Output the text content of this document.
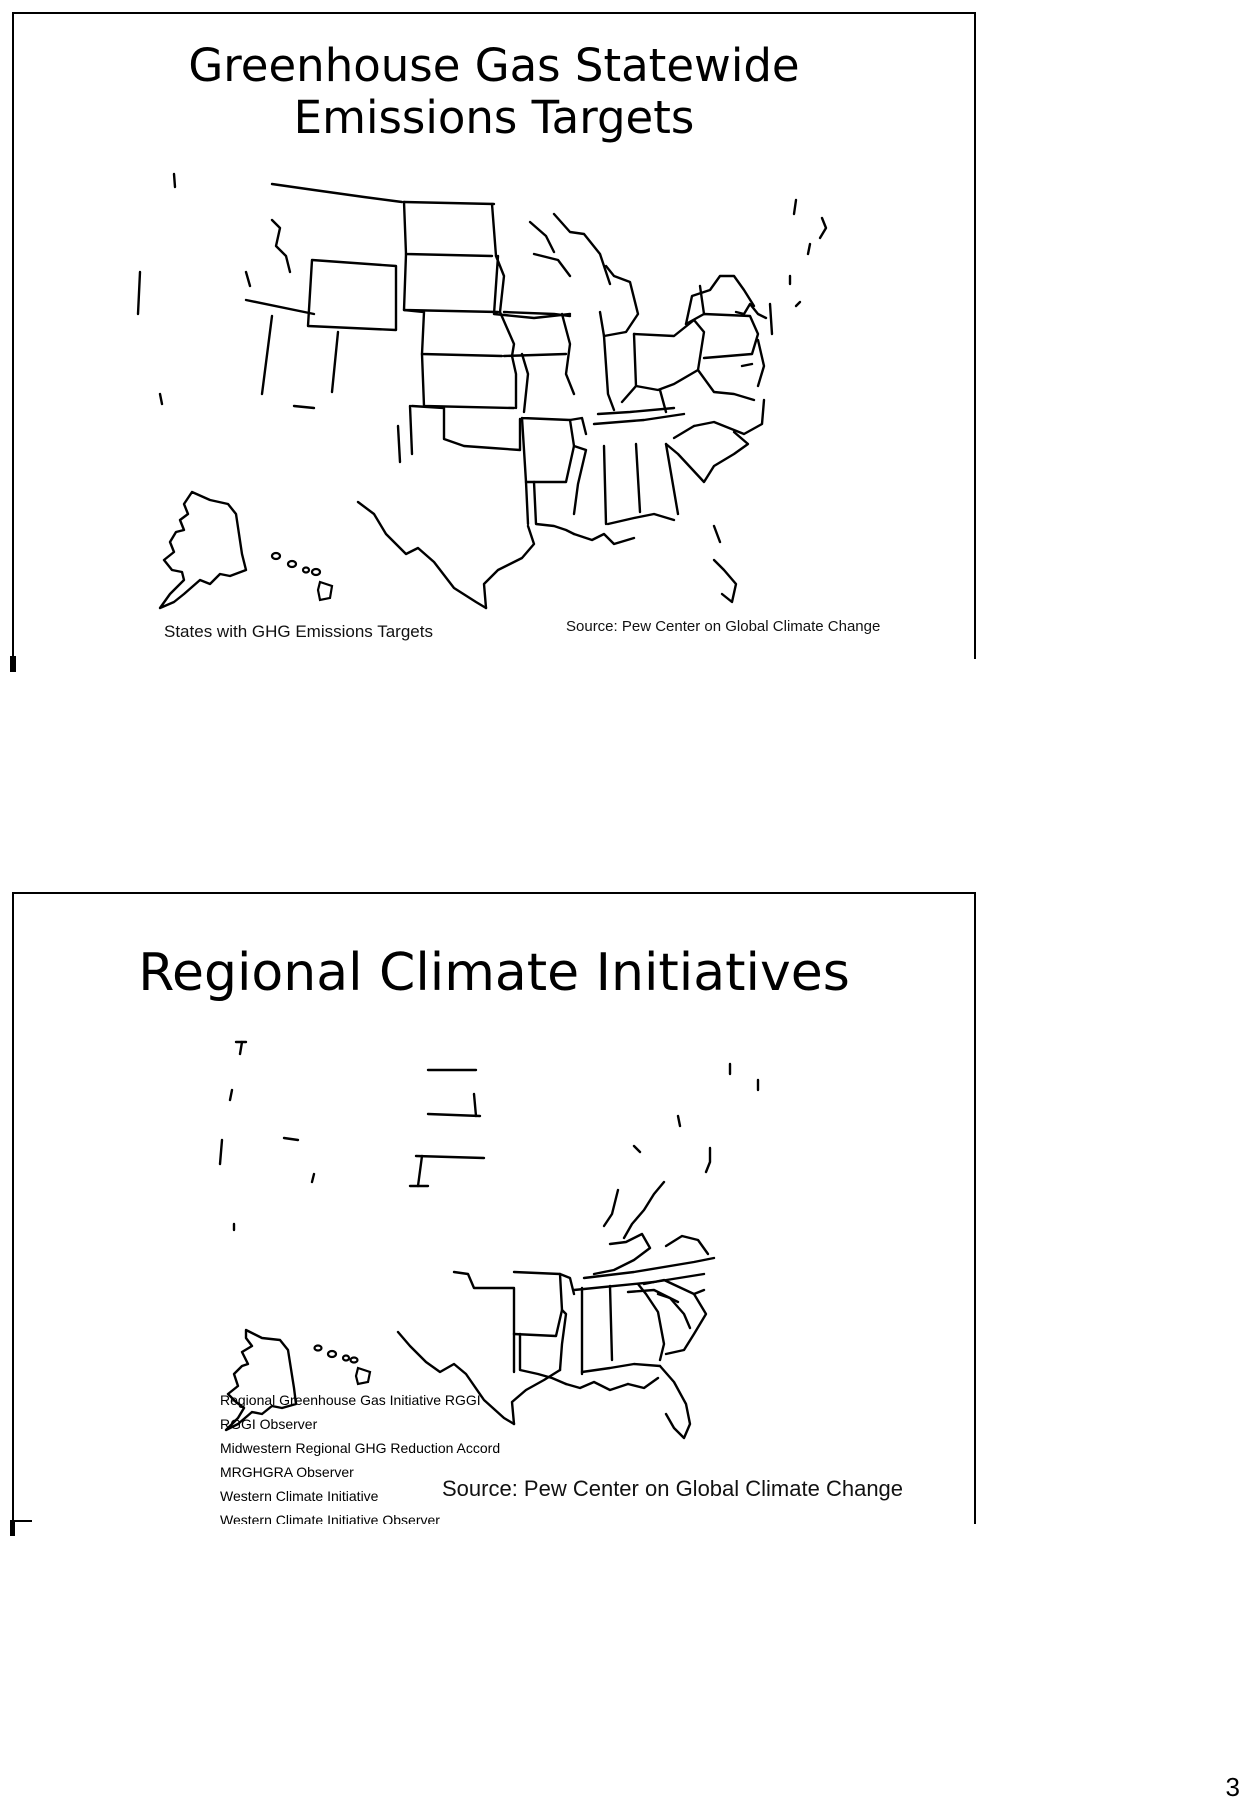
Greenhouse Gas Statewide
Emissions Targets
States with GHG Emissions Targets	Source: Pew Center on Global Climate Change
Regional Climate Initiatives
Regional Greenhouse Gas Initiative RGGI
RGGI Observer
Midwestern Regional GHG Reduction Accord
MRGHGRA Observer
Western Climate Initiative
Western Climate Initiative Observer
Source: Pew Center on Global Climate Change
3
